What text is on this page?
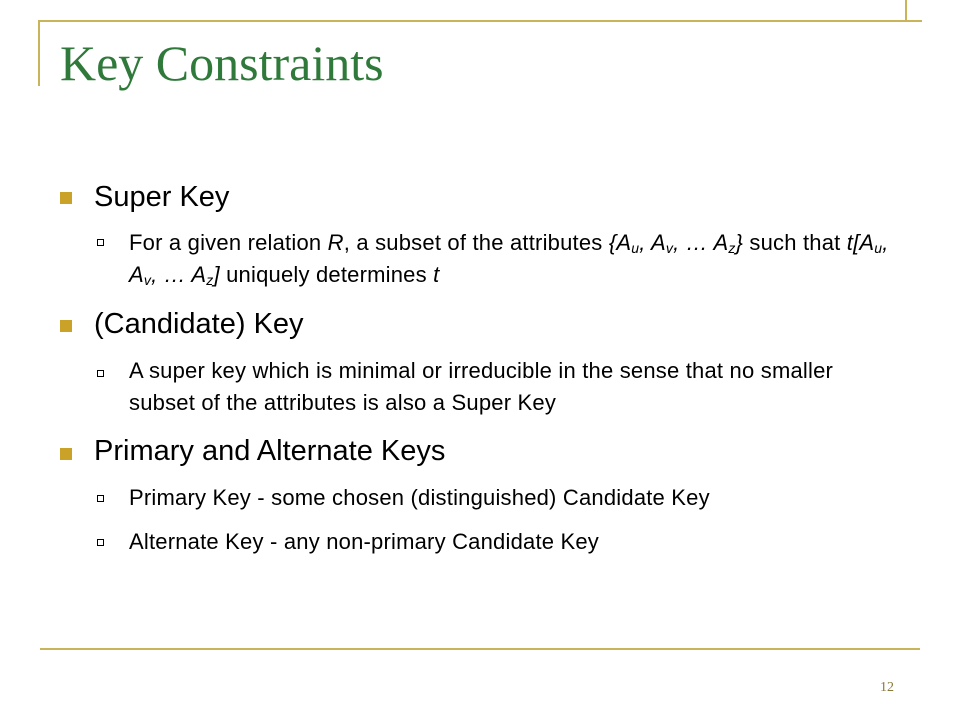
Key Constraints
Super Key
For a given relation R, a subset of the attributes {$A_u$, $A_v$, … $A_z$} such that $t[A_u$, $A_v$, … $A_z$] uniquely determines t
(Candidate) Key
A super key which is minimal or irreducible in the sense that no smaller subset of the attributes is also a Super Key
Primary and Alternate Keys
Primary Key - some chosen (distinguished) Candidate Key
Alternate Key - any non-primary Candidate Key
12
